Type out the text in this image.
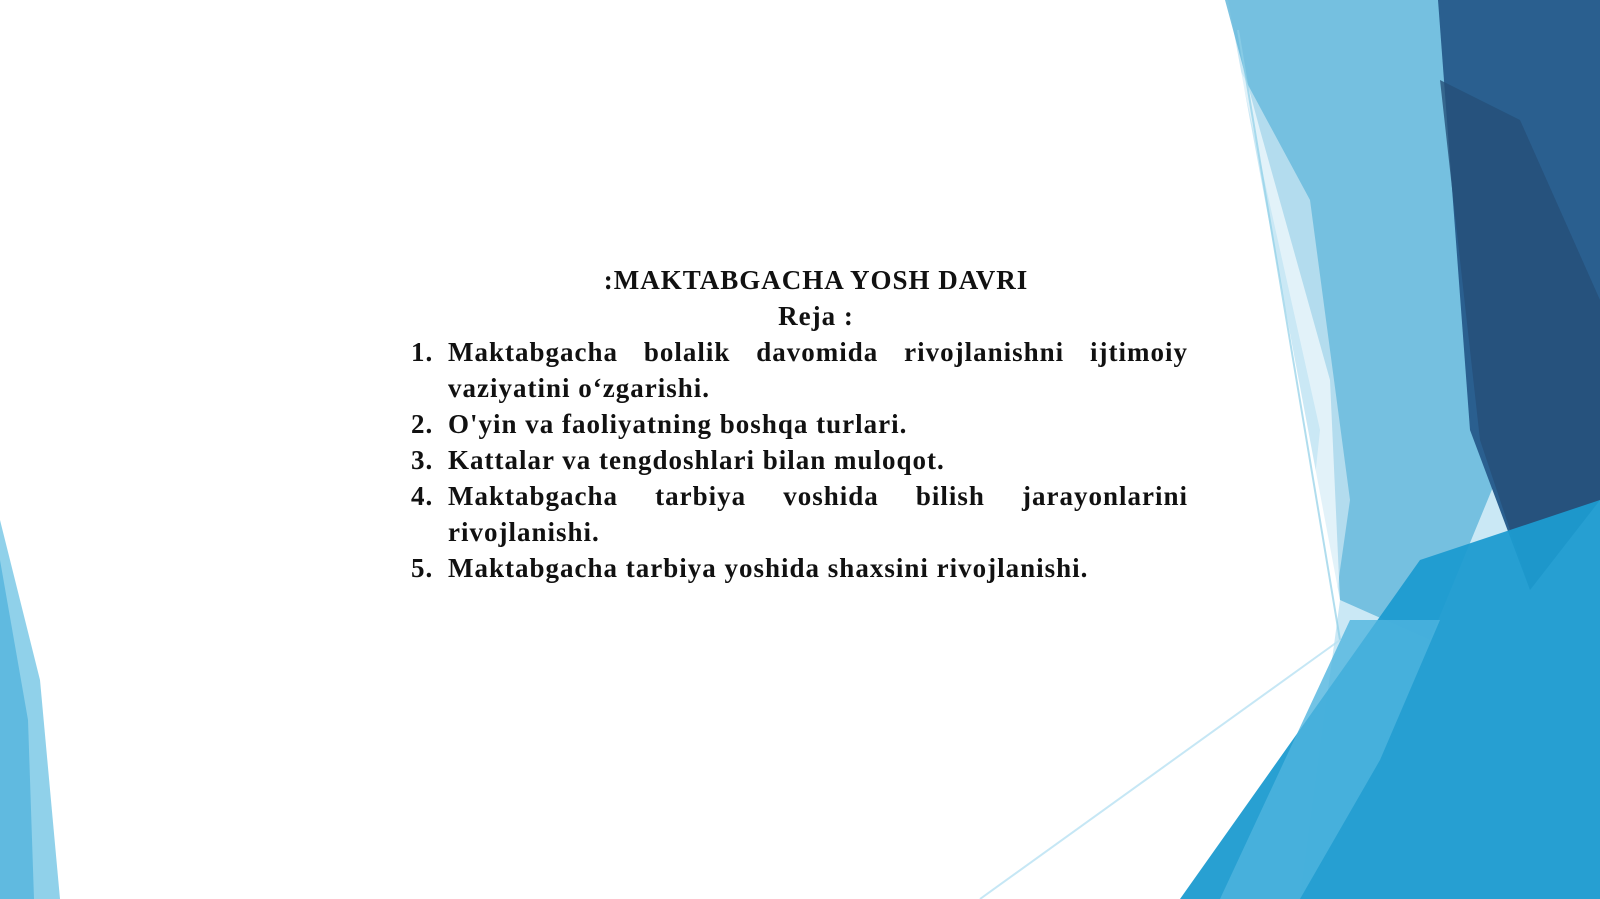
:MAKTABGACHA YOSH DAVRI

Reja :

1. Maktabgacha bolalik davomida rivojlanishni ijtimoiy vaziyatini o‘zgarishi.
2. O'yin va faoliyatning boshqa turlari.
3. Kattalar va tengdoshlari bilan muloqot.
4. Maktabgacha tarbiya voshida bilish jarayonlarini rivojlanishi.
5. Maktabgacha tarbiya yoshida shaxsini rivojlanishi.
